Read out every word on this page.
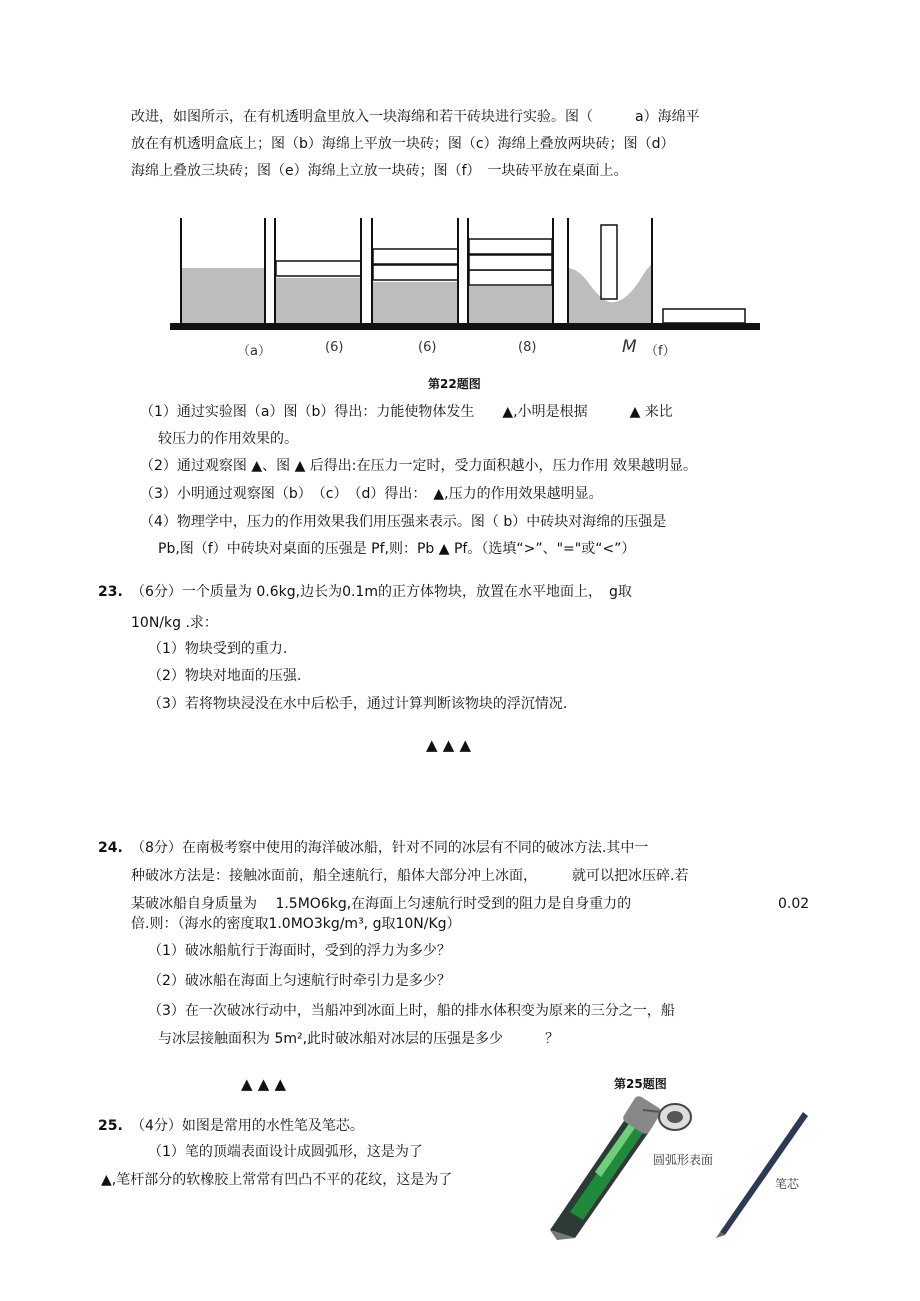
改进，如图所示，在有机透明盒里放入一块海绵和若干砖块进行实验。图（　　　a）海绵平
放在有机透明盒底上；图（b）海绵上平放一块砖；图（c）海绵上叠放两块砖；图（d）
海绵上叠放三块砖；图（e）海绵上立放一块砖；图（f）　一块砖平放在桌面上。
（a）	(6)	(6)	(8)	M （f）
第22题图
（1）通过实验图（a）图（b）得出：力能使物体发生　　▲,小明是根据　　　▲ 来比
较压力的作用效果的。
（2）通过观察图 ▲、图 ▲ 后得出:在压力一定时，受力面积越小，压力作用 效果越明显。
（3）小明通过观察图（b）　（c）　（d）得出：　▲,压力的作用效果越明显。
（4）物理学中，压力的作用效果我们用压强来表示。图（ b）中砖块对海绵的压强是
Pb,图（f）中砖块对桌面的压强是 Pf,则：Pb ▲ Pf。（选填“>”、"="或“<”）
23. （6分）一个质量为 0.6kg,边长为0.1m的正方体物块，放置在水平地面上，　g取
10N/kg .求：
（1）物块受到的重力.
（2）物块对地面的压强.
（3）若将物块浸没在水中后松手，通过计算判断该物块的浮沉情况.
▲ ▲ ▲
24. （8分）在南极考察中使用的海洋破冰船，针对不同的冰层有不同的破冰方法.其中一
种破冰方法是：接触冰面前，船全速航行，船体大部分冲上冰面，　　　就可以把冰压碎.若
某破冰船自身质量为　 1.5MO6kg,在海面上匀速航行时受到的阻力是自身重力的	0.02
倍.则：（海水的密度取1.0MO3kg/m³, g取10N/Kg）
（1）破冰船航行于海面时，受到的浮力为多少？
（2）破冰船在海面上匀速航行时牵引力是多少？
（3）在一次破冰行动中，当船冲到冰面上时，船的排水体积变为原来的三分之一，船
与冰层接触面积为 5m²,此时破冰船对冰层的压强是多少　　　？
▲ ▲ ▲	第25题图
25. （4分）如图是常用的水性笔及笔芯。
（1）笔的顶端表面设计成圆弧形，这是为了
▲,笔杆部分的软橡胶上常常有凹凸不平的花纹，这是为了
圆弧形表面
笔芯
